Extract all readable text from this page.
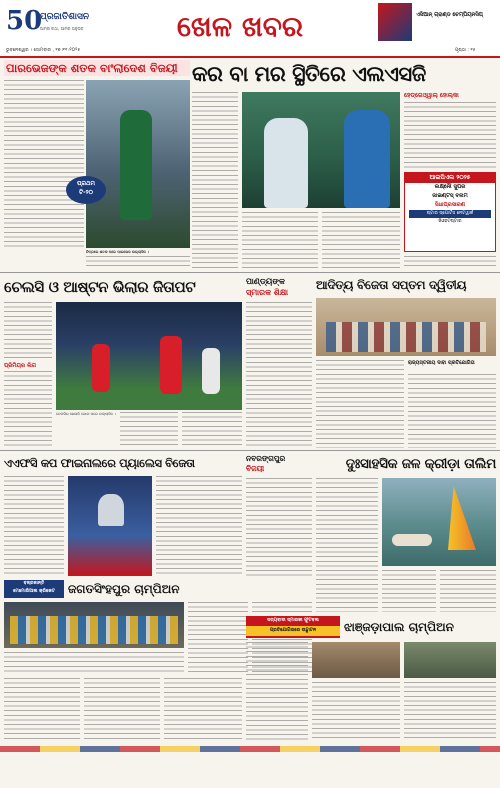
50
ପ୍ରଜାତିଶାସନ
ଆମର କଥା, ଆମର ଅନୁଭବ
ଭୁବନେଶ୍ୱର । ସୋମବାର , ୧୭।୧୧।୨୦୨୫
ଖେଳ ଖବର	ଏସିଆନ୍ ଗ୍ରାଣ୍ଡ ଚେମ୍ପିୟନସିପ୍
ପୃଷ୍ଠା : ୧୫
ପାରଭେଜଙ୍କ ଶତକ ବାଂଲାଦେଶ ବିଜୟୀ
ପ୍ରଥମ
ଟି-୨୦
ଚିତ୍ରରେ ଶତକ ପରେ ପାରଭେଜ ଉଲ୍ଲାସିତ ।
କର ବା ମର ସ୍ଥିତିରେ ଏଲଏସଜି
ହେଡ୍ଗେଓ୍ୱାଲ୍ ହୋଲ୍କା
ଆଇପିଏଲ ୨୦୨୫
ଲକ୍ଷ୍ନୌ ସୁପର
ଜାଇଣ୍ଟସ୍ ବନାମ
ସିଧାପ୍ରସାରଣ
ଷ୍ଟାର ସ୍ପୋର୍ଟସ ନେଟୱାର୍କ
ଜିଓହଟଷ୍ଟାର
ଚେଲସି ଓ ଆଷ୍ଟନ ଭିଲାର ଜିତାପଟ
ପ୍ରିମିୟର ଲିଗ
ଚେଲସିର ଖେଳାଳି ଗୋଲ ପରେ ଉଲ୍ଲାସିତ ।
ପାଣ୍ଡ୍ୟଙ୍କ
ସ୍ମାରକ ଶିକ୍ଷା
ଆଦିତ୍ୟ ବିଜେତା ସପ୍ତମ ଦ୍ୱିତୀୟ
ରାଜ୍ୟସ୍ତରୀୟ ଦାବା ପ୍ରତିଯୋଗିତା
ଏଏଫସି କପ ଫାଇନାଲରେ ପ୍ୟାଲେସ ବିଜେତା	ନବରଙ୍ଗପୁର
ବିଜୟୀ	ଦୁଃସାହସିକ ଜଳ କ୍ରୀଡ଼ା ତାଲିମ
ବଜ୍ରକାନ୍ତି
ମେମୋରିଆଲ କ୍ରିକେଟ	ଜଗତସିଂହପୁର ଚାମ୍ପିଅନ
ସତ୍ୟବାଦୀ ସ୍ମାରକୀ ଫୁଟବଲ
ପ୍ରତିଯୋଗିତାରେ ଉଦ୍ଘାଟନ	ଝାଞ୍ଜଡ଼ାପାଲ ଚାମ୍ପିଅନ
